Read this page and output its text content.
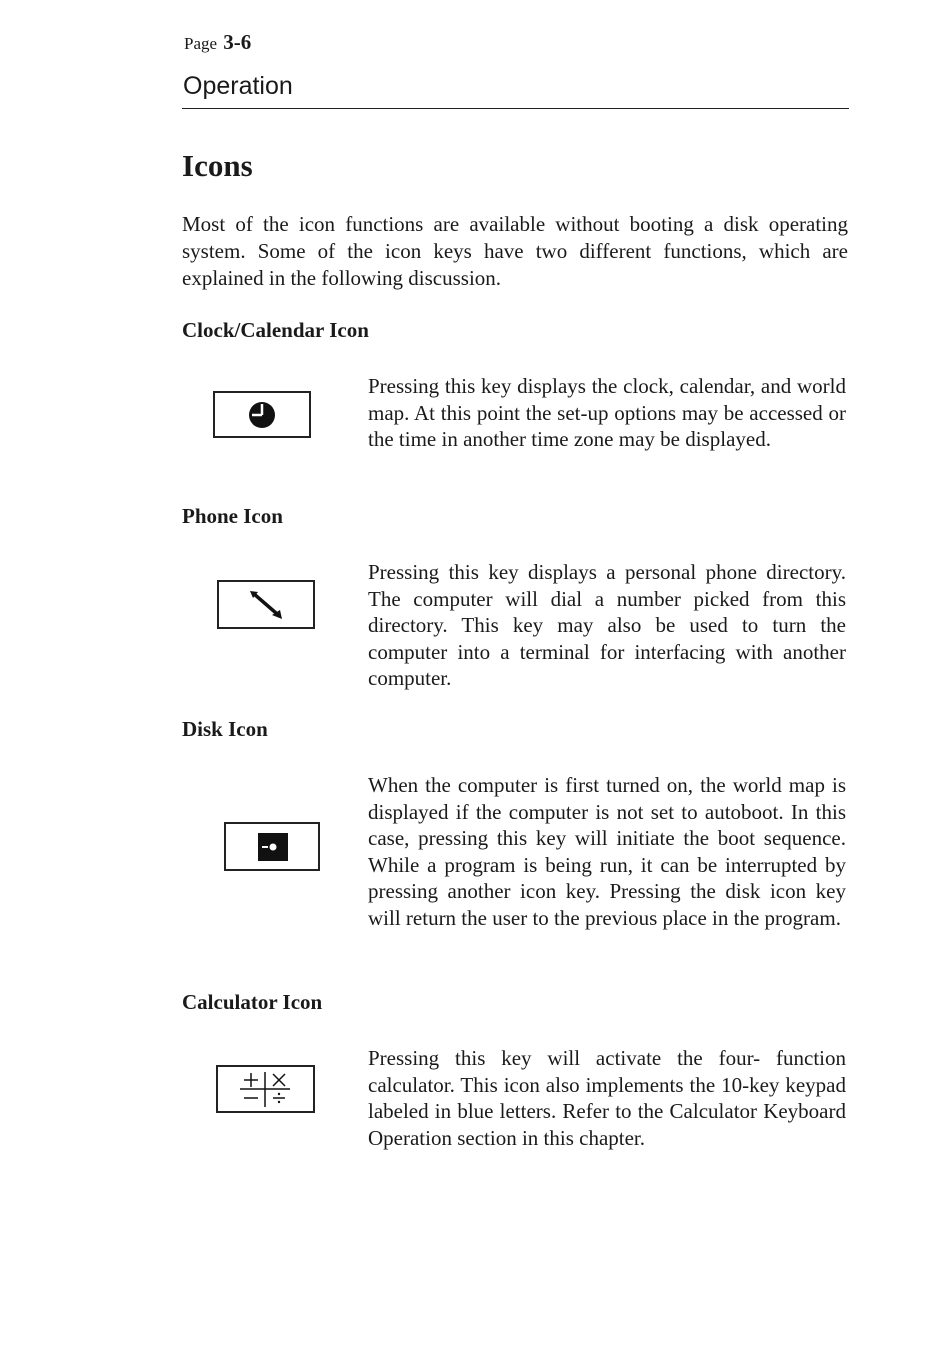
Page 3-6
Operation
Icons

Most of the icon functions are available without booting a disk operating system. Some of the icon keys have two different functions, which are explained in the following discussion.

Clock/Calendar Icon

Pressing this key displays the clock, calendar, and world map. At this point the set-up options may be accessed or the time in another time zone may be displayed.

Phone Icon

Pressing this key displays a personal phone directory. The computer will dial a number picked from this directory. This key may also be used to turn the computer into a terminal for interfacing with another computer.

Disk Icon

When the computer is first turned on, the world map is displayed if the computer is not set to autoboot. In this case, pressing this key will initiate the boot sequence. While a program is being run, it can be interrupted by pressing another icon key. Pressing the disk icon key will return the user to the previous place in the program.

Calculator Icon

Pressing this key will activate the four- function calculator. This icon also implements the 10-key keypad labeled in blue letters. Refer to the Calculator Keyboard Operation section in this chapter.
